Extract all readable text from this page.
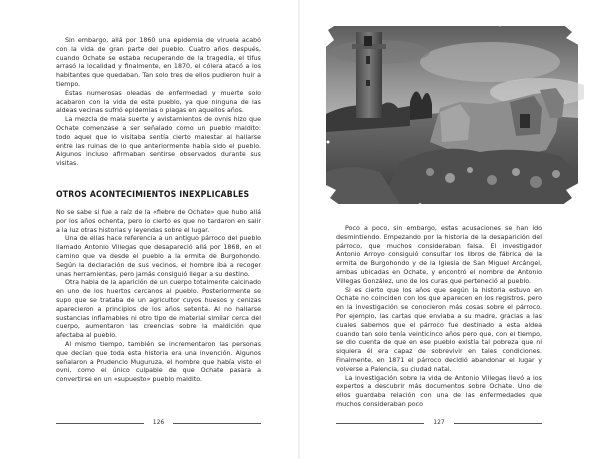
Sin embargo, allá por 1860 una epidemia de viruela acabó con la vida de gran parte del pueblo. Cuatro años después, cuando Ochate se estaba recuperando de la tragedia, el tifus arrasó la localidad y finalmente, en 1870, el cólera atacó a los habitantes que quedaban. Tan solo tres de ellos pudieron huir a tiempo.

Estas numerosas oleadas de enfermedad y muerte solo acabaron con la vida de este pueblo, ya que ninguna de las aldeas vecinas sufrió epidemias o plagas en aquellos años.

La mezcla de mala suerte y avistamientos de ovnis hizo que Ochate comenzase a ser señalado como un pueblo maldito: todo aquel que lo visitaba sentía cierto malestar al hallarse entre las ruinas de lo que anteriormente había sido el pueblo. Algunos incluso afirmaban sentirse observados durante sus visitas.

OTROS ACONTECIMIENTOS INEXPLICABLES

No se sabe si fue a raíz de la «fiebre de Ochate» que hubo allá por los años ochenta, pero lo cierto es que no tardaron en salir a la luz otras historias y leyendas sobre el lugar.

Una de ellas hace referencia a un antiguo párroco del pueblo llamado Antonio Villegas que desapareció allá por 1868, en el camino que va desde el pueblo a la ermita de Burgohondo. Según la declaración de sus vecinos, el hombre iba a recoger unas herramientas, pero jamás consiguió llegar a su destino.

Otra habla de la aparición de un cuerpo totalmente calcinado en uno de los huertos cercanos al pueblo. Posteriormente se supo que se trataba de un agricultor cuyos huesos y cenizas aparecieron a principios de los años setenta. Al no hallarse sustancias inflamables ni otro tipo de material similar cerca del cuerpo, aumentaron las creencias sobre la maldición que afectaba al pueblo.

Al mismo tiempo, también se incrementaron las personas que decían que toda esta historia era una invención. Algunos señalaron a Prudencio Muguruza, el hombre que había visto el ovni, como el único culpable de que Ochate pasara a convertirse en un «supuesto» pueblo maldito.

126

Poco a poco, sin embargo, estas acusaciones se han ido desmintiendo. Empezando por la historia de la desaparición del párroco, que muchos consideraban falsa. El investigador Antonio Arroyo consiguió consultar los libros de fábrica de la ermita de Burgohondo y de la Iglesia de San Miguel Arcángel, ambas ubicadas en Ochate, y encontró el nombre de Antonio Villegas González, uno de los curas que perteneció al pueblo.

Si es cierto que los años que según la historia estuvo en Ochate no coinciden con los que aparecen en los registros, pero en la investigación se conocieron más cosas sobre el párroco. Por ejemplo, las cartas que enviaba a su madre, gracias a las cuales sabemos que el párroco fue destinado a esta aldea cuando tan solo tenía veinticinco años pero que, con el tiempo, se dio cuenta de que en ese pueblo existía tal pobreza que ni siquiera él era capaz de sobrevivir en tales condiciones. Finalmente, en 1871 el párroco decidió abandonar el lugar y volverse a Palencia, su ciudad natal.

La investigación sobre la vida de Antonio Villegas llevó a los expertos a descubrir más documentos sobre Ochate. Uno de ellos guardaba relación con una de las enfermedades que muchos consideraban poco

127
